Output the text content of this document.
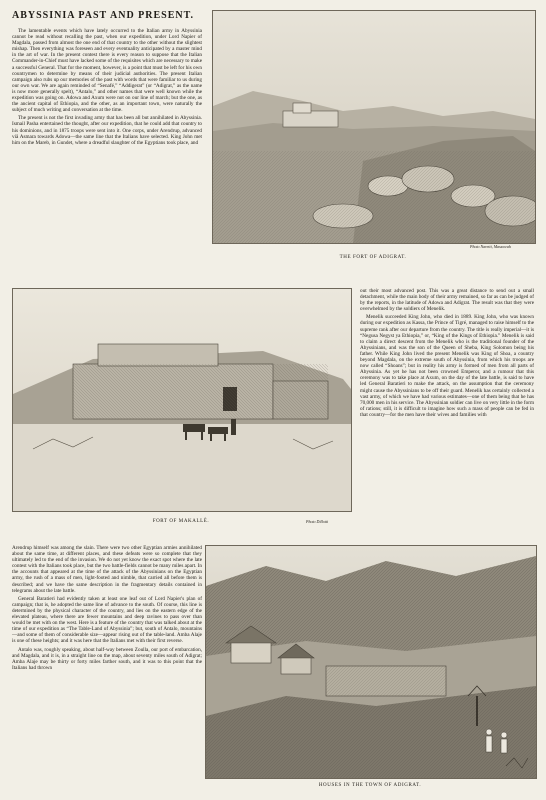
ABYSSINIA PAST AND PRESENT.

The lamentable events which have lately occurred to the Italian army in Abyssinia cannot be read without recalling the past, when our expedition, under Lord Napier of Magdala, passed from almost the one end of that country to the other without the slightest mishap. Then everything was foreseen and every eventuality anticipated by a master mind in the art of war. In the present contest there is every reason to suppose that the Italian Commander-in-Chief must have lacked some of the requisites which are necessary to make a successful General. That for the moment, however, is a point that must be left for his own countrymen to determine by means of their judicial authorities. The present Italian campaign also rubs up our memories of the past with words that were familiar to us during our own war. We are again reminded of “Senafé,” “Addigerat” (or “Adigrat,” as the name is now more generally spelt), “Antalo,” and other names that were well known while the expedition was going on. Adowa and Axum were not on our line of march; but the one, as the ancient capital of Ethiopia, and the other, as an important town, were naturally the subject of much writing and conversation at the time.

The present is not the first invading army that has been all but annihilated in Abyssinia. Ismail Pasha entertained the thought, after our expedition, that he could add that country to his dominions, and in 1875 troops were sent into it. One corps, under Arendrup, advanced viâ Asmara towards Adowa—the same line that the Italians have selected. King John met him on the Mareb, in Gundet, where a dreadful slaughter of the Egyptians took place, and

Photo Naretti, Massowah
THE FORT OF ADIGRAT.
FORT OF MAKALLÈ.	Photo Dillotti

out their most advanced post. This was a great distance to send out a small detachment, while the main body of their army remained, so far as can be judged of by the reports, in the latitude of Adowa and Adigrat. The result was that they were overwhelmed by the soldiers of Menelik.

Menelik succeeded King John, who died in 1889. King John, who was known during our expedition as Kassa, the Prince of Tigré, managed to raise himself to the supreme rank after our departure from the country. The title is really imperial—it is “Negusa Negyst ya Ethiopia,” or, “King of the Kings of Ethiopia.” Menelik is said to claim a direct descent from the Menelik who is the traditional founder of the Abyssinians, and was the son of the Queen of Sheba, King Solomon being his father. While King John lived the present Menelik was King of Shoa, a country beyond Magdala, on the extreme south of Abyssinia, from which his troops are now called “Shoans”; but in reality his army is formed of men from all parts of Abyssinia. As yet he has not been crowned Emperor, and a rumour that this ceremony was to take place at Axum, on the day of the late battle, is said to have led General Baratieri to make the attack, on the assumption that the ceremony might cause the Abyssinians to be off their guard. Menelik has certainly collected a vast army, of which we have had various estimates—one of them being that he has 70,000 men in his service. The Abyssinian soldier can live on very little in the form of rations; still, it is difficult to imagine how such a mass of people can be fed in that country—for the men have their wives and families with

Arendrup himself was among the slain. There were two other Egyptian armies annihilated about the same time, at different places, and these defeats were so complete that they ultimately led to the end of the invasion. We do not yet know the exact spot where the late contest with the Italians took place, but the two battle-fields cannot be many miles apart. In the accounts that appeared at the time of the attack of the Abyssinians on the Egyptian army, the rush of a mass of men, light-footed and nimble, that carried all before them is described; and we have the same description in the fragmentary details contained in telegrams about the late battle.

General Baratieri had evidently taken at least one leaf out of Lord Napier's plan of campaign; that is, he adopted the same line of advance to the south. Of course, this line is determined by the physical character of the country, and lies on the eastern edge of the elevated plateau, where there are fewer mountains and deep ravines to pass over than would be met with on the west. Here is a feature of the country that was talked about at the time of our expedition as “The Table-Land of Abyssinia”; but, south of Antalo, mountains—and some of them of considerable size—appear rising out of the table-land. Amba Alaje is one of these heights; and it was here that the Italians met with their first reverse.

Antalo was, roughly speaking, about half-way between Zoulla, our port of embarcation, and Magdala, and it is, in a straight line on the map, about seventy miles south of Adigrat; Amba Alaje may be thirty or forty miles farther south, and it was to this point that the Italians had thrown

HOUSES IN THE TOWN OF ADIGRAT.
